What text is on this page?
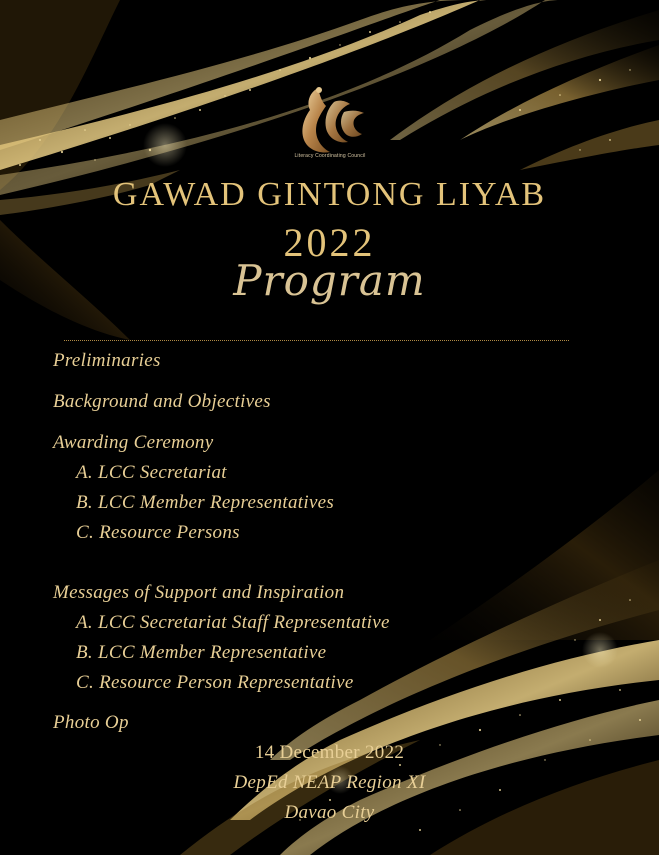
Literacy Coordinating Council
GAWAD GINTONG LIYAB
2022
Program
Preliminaries
Background and Objectives
Awarding Ceremony
A. LCC Secretariat
B. LCC Member Representatives
C. Resource Persons
Messages of Support and Inspiration
A. LCC Secretariat Staff Representative
B. LCC Member Representative
C. Resource Person Representative
Photo Op
14 December 2022
DepEd NEAP Region XI
Davao City
